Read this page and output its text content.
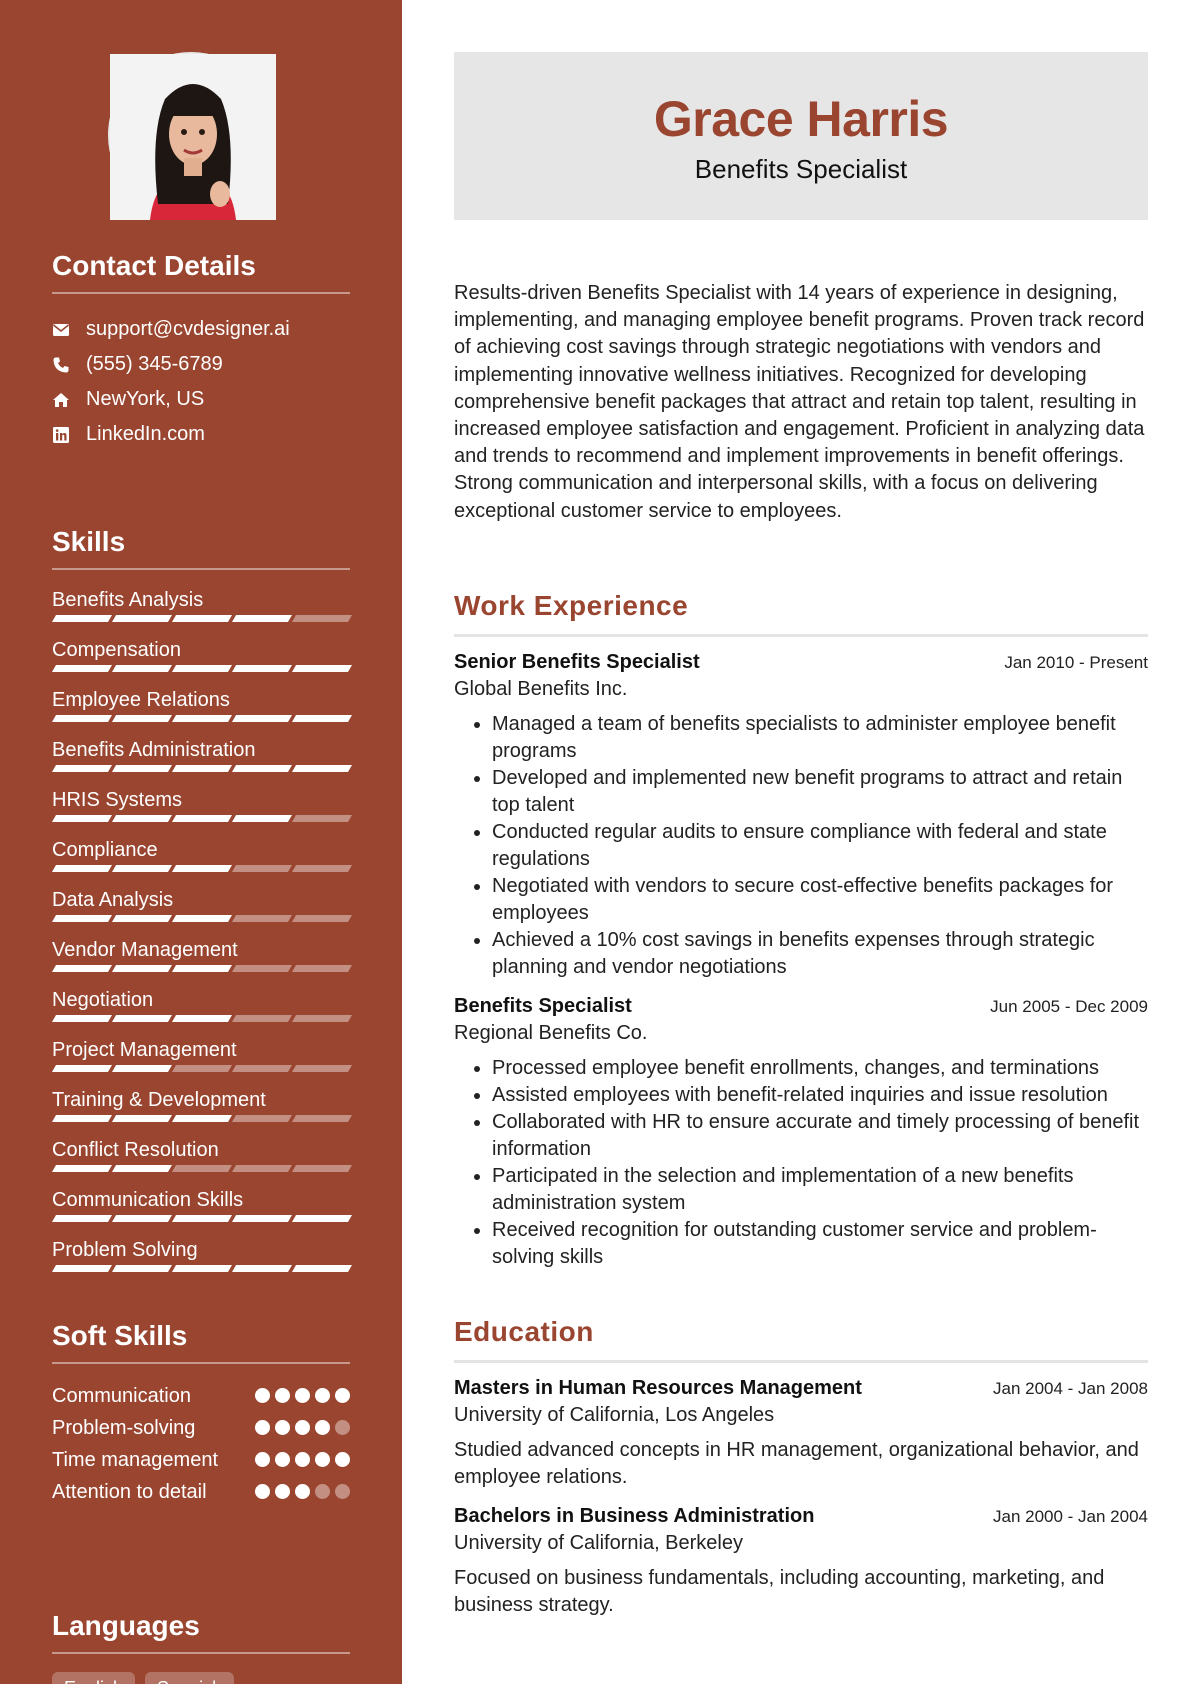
Contact Details
support@cvdesigner.ai
(555) 345-6789
NewYork, US
LinkedIn.com
Skills
Benefits Analysis
Compensation
Employee Relations
Benefits Administration
HRIS Systems
Compliance
Data Analysis
Vendor Management
Negotiation
Project Management
Training & Development
Conflict Resolution
Communication Skills
Problem Solving
Soft Skills
Communication
Problem-solving
Time management
Attention to detail
Languages
English	Spanish
Grace Harris
Benefits Specialist

Results-driven Benefits Specialist with 14 years of experience in designing, implementing, and managing employee benefit programs. Proven track record of achieving cost savings through strategic negotiations with vendors and implementing innovative wellness initiatives. Recognized for developing comprehensive benefit packages that attract and retain top talent, resulting in increased employee satisfaction and engagement. Proficient in analyzing data and trends to recommend and implement improvements in benefit offerings. Strong communication and interpersonal skills, with a focus on delivering exceptional customer service to employees.

Work Experience
Senior Benefits Specialist	Jan 2010 - Present
Global Benefits Inc.
• Managed a team of benefits specialists to administer employee benefit programs
• Developed and implemented new benefit programs to attract and retain top talent
• Conducted regular audits to ensure compliance with federal and state regulations
• Negotiated with vendors to secure cost-effective benefits packages for employees
• Achieved a 10% cost savings in benefits expenses through strategic planning and vendor negotiations
Benefits Specialist	Jun 2005 - Dec 2009
Regional Benefits Co.
• Processed employee benefit enrollments, changes, and terminations
• Assisted employees with benefit-related inquiries and issue resolution
• Collaborated with HR to ensure accurate and timely processing of benefit information
• Participated in the selection and implementation of a new benefits administration system
• Received recognition for outstanding customer service and problem-solving skills
Education
Masters in Human Resources Management	Jan 2004 - Jan 2008
University of California, Los Angeles

Studied advanced concepts in HR management, organizational behavior, and employee relations.

Bachelors in Business Administration	Jan 2000 - Jan 2004
University of California, Berkeley

Focused on business fundamentals, including accounting, marketing, and business strategy.
